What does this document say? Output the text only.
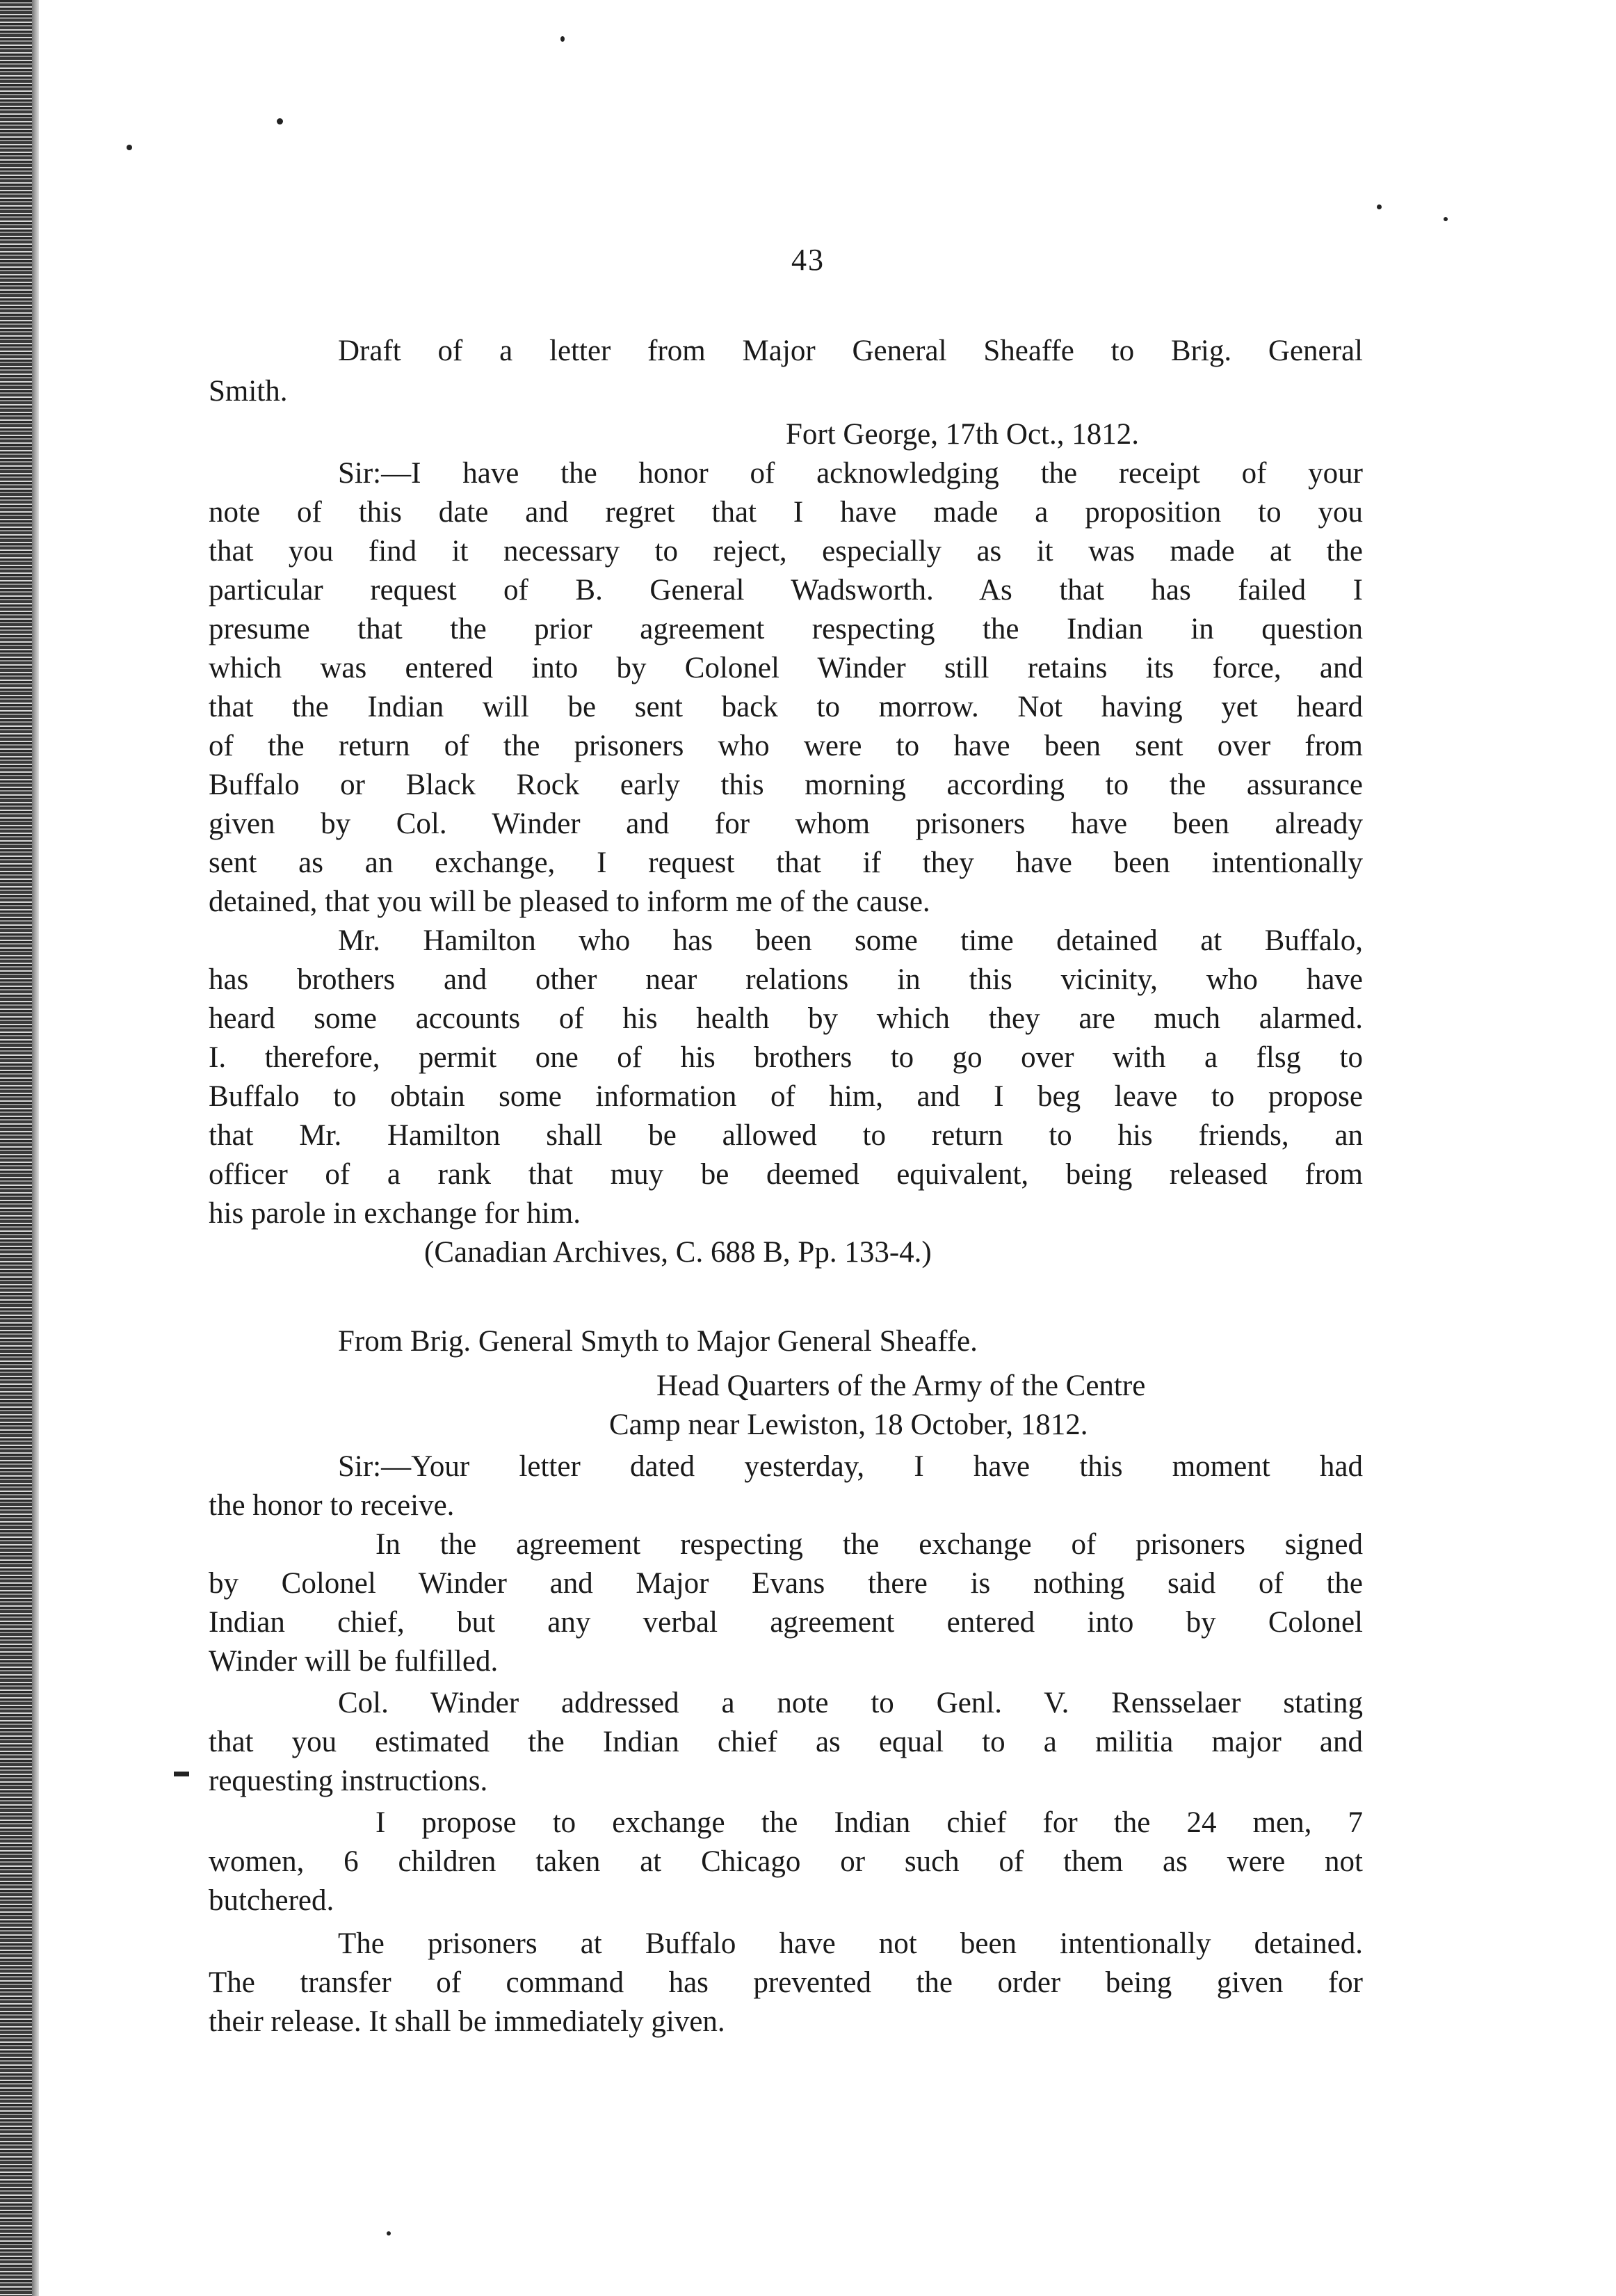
43
Draft of a letter from Major General Sheaffe to Brig. General
Smith.
Fort George, 17th Oct., 1812.
Sir:—I have the honor of acknowledging the receipt of your
note of this date and regret that I have made a proposition to you
that you find it necessary to reject, especially as it was made at the
particular request of B. General Wadsworth. As that has failed I
presume that the prior agreement respecting the Indian in question
which was entered into by Colonel Winder still retains its force, and
that the Indian will be sent back to morrow. Not having yet heard
of the return of the prisoners who were to have been sent over from
Buffalo or Black Rock early this morning according to the assurance
given by Col. Winder and for whom prisoners have been already
sent as an exchange, I request that if they have been intentionally
detained, that you will be pleased to inform me of the cause.
Mr. Hamilton who has been some time detained at Buffalo,
has brothers and other near relations in this vicinity, who have
heard some accounts of his health by which they are much alarmed.
I. therefore, permit one of his brothers to go over with a flsg to
Buffalo to obtain some information of him, and I beg leave to propose
that Mr. Hamilton shall be allowed to return to his friends, an
officer of a rank that muy be deemed equivalent, being released from
his parole in exchange for him.
(Canadian Archives, C. 688 B, Pp. 133-4.)
From Brig. General Smyth to Major General Sheaffe.
Head Quarters of the Army of the Centre
Camp near Lewiston, 18 October, 1812.
Sir:—Your letter dated yesterday, I have this moment had
the honor to receive.
In the agreement respecting the exchange of prisoners signed
by Colonel Winder and Major Evans there is nothing said of the
Indian chief, but any verbal agreement entered into by Colonel
Winder will be fulfilled.
Col. Winder addressed a note to Genl. V. Rensselaer stating
that you estimated the Indian chief as equal to a militia major and
requesting instructions.
I propose to exchange the Indian chief for the 24 men, 7
women, 6 children taken at Chicago or such of them as were not
butchered.
The prisoners at Buffalo have not been intentionally detained.
The transfer of command has prevented the order being given for
their release. It shall be immediately given.
